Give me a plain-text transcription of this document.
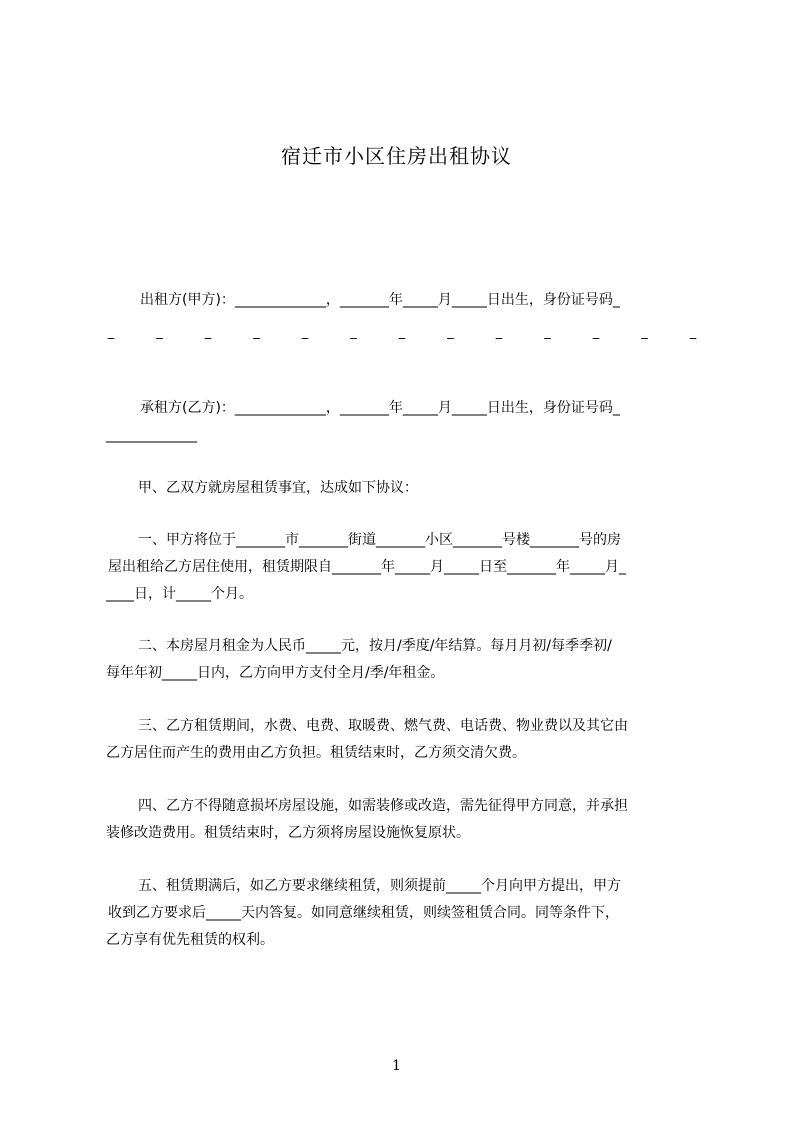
宿迁市小区住房出租协议
出租方(甲方)：_____________，_______年_____月_____日出生，身份证号码_
_	_	_	_	_	_	_	_	_	_	_	_	_
承租方(乙方)：_____________，_______年_____月_____日出生，身份证号码_
_____________
甲、乙双方就房屋租赁事宜，达成如下协议：
一、甲方将位于_______市_______街道_______小区_______号楼_______号的房
屋出租给乙方居住使用，租赁期限自_______年_____月_____日至_______年_____月_
____日，计_____个月。
二、本房屋月租金为人民币_____元，按月/季度/年结算。每月月初/每季季初/
每年年初_____日内，乙方向甲方支付全月/季/年租金。
三、乙方租赁期间，水费、电费、取暖费、燃气费、电话费、物业费以及其它由
乙方居住而产生的费用由乙方负担。租赁结束时，乙方须交清欠费。
四、乙方不得随意损坏房屋设施，如需装修或改造，需先征得甲方同意，并承担
装修改造费用。租赁结束时，乙方须将房屋设施恢复原状。
五、租赁期满后，如乙方要求继续租赁，则须提前_____个月向甲方提出，甲方
收到乙方要求后_____天内答复。如同意继续租赁，则续签租赁合同。同等条件下，
乙方享有优先租赁的权利。
1
